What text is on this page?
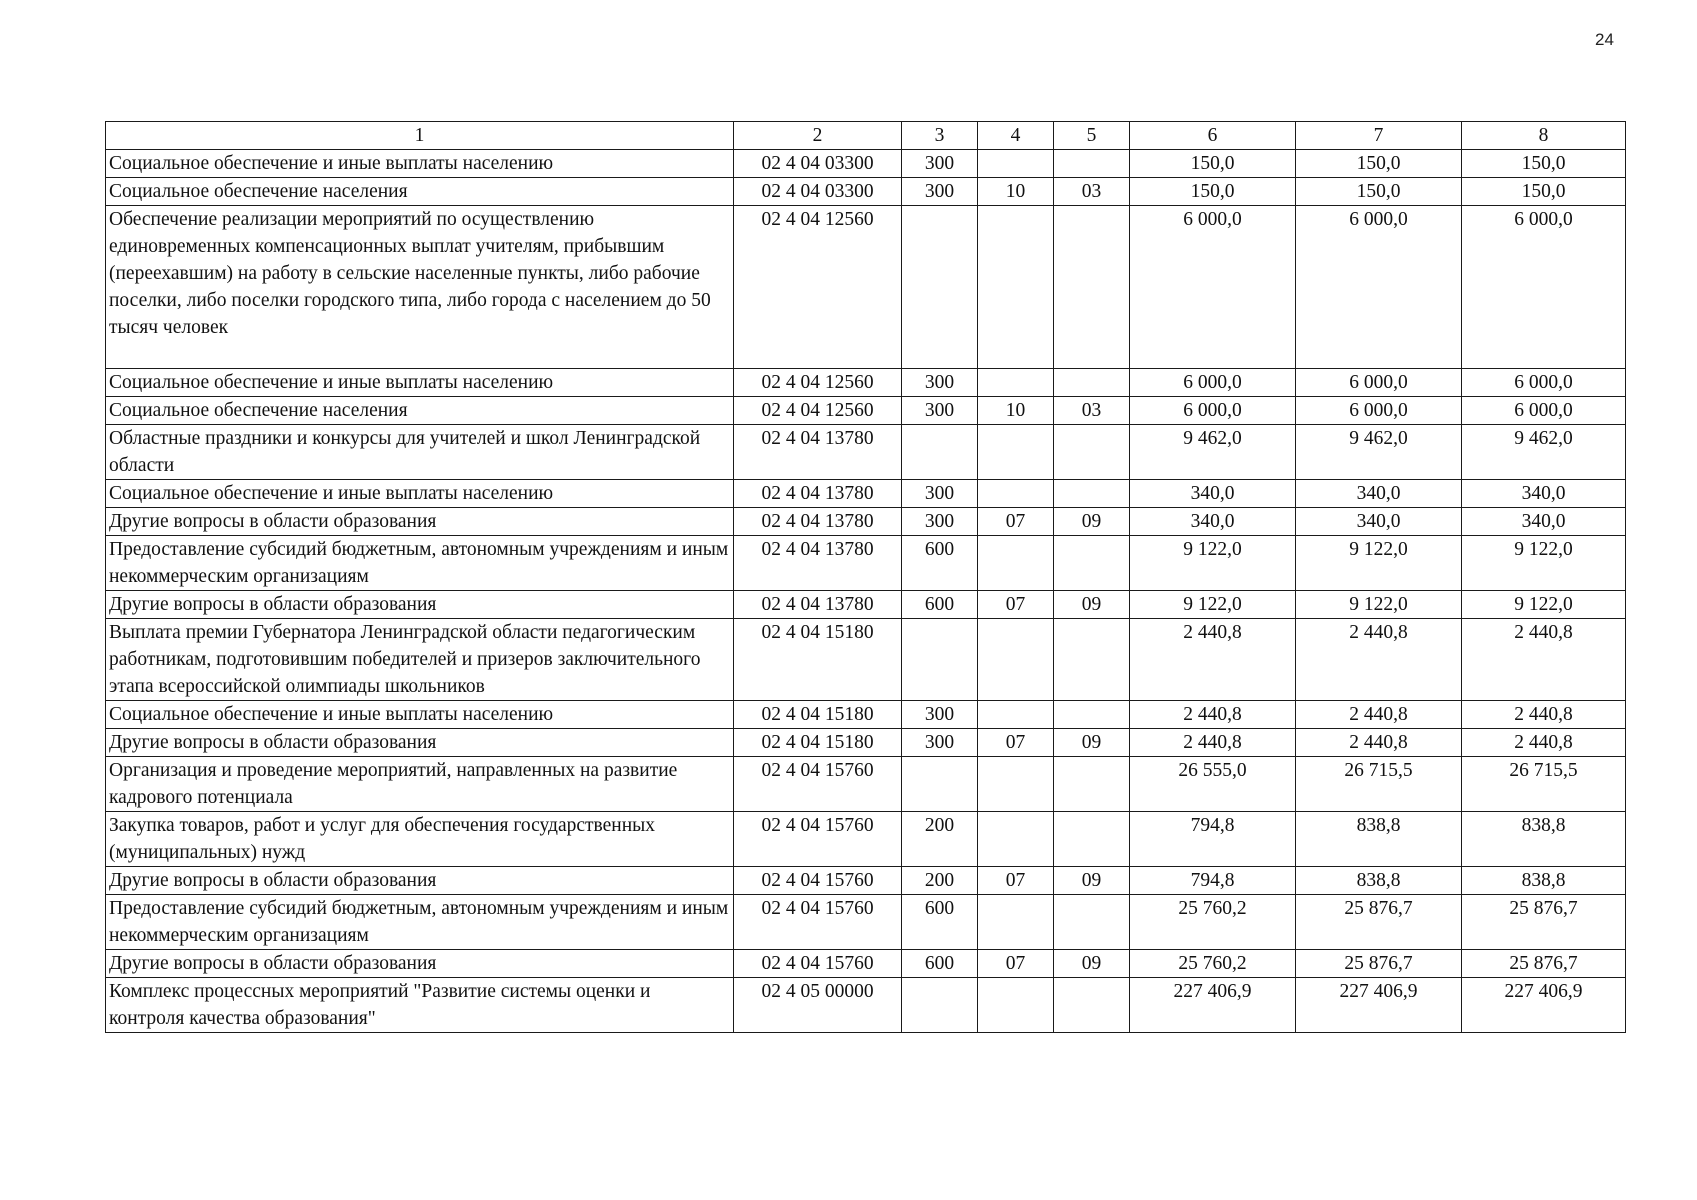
24
1	2	3	4	5	6	7	8
Социальное обеспечение и иные выплаты населению	02 4 04 03300	300			150,0	150,0	150,0
Социальное обеспечение населения	02 4 04 03300	300	10	03	150,0	150,0	150,0
Обеспечение реализации мероприятий по осуществлению единовременных компенсационных выплат учителям, прибывшим (переехавшим) на работу в сельские населенные пункты, либо рабочие поселки, либо поселки городского типа, либо города с населением до 50 тысяч человек	02 4 04 12560				6 000,0	6 000,0	6 000,0
Социальное обеспечение и иные выплаты населению	02 4 04 12560	300			6 000,0	6 000,0	6 000,0
Социальное обеспечение населения	02 4 04 12560	300	10	03	6 000,0	6 000,0	6 000,0
Областные праздники и конкурсы для учителей и школ Ленинградской области	02 4 04 13780				9 462,0	9 462,0	9 462,0
Социальное обеспечение и иные выплаты населению	02 4 04 13780	300			340,0	340,0	340,0
Другие вопросы в области образования	02 4 04 13780	300	07	09	340,0	340,0	340,0
Предоставление субсидий бюджетным, автономным учреждениям и иным некоммерческим организациям	02 4 04 13780	600			9 122,0	9 122,0	9 122,0
Другие вопросы в области образования	02 4 04 13780	600	07	09	9 122,0	9 122,0	9 122,0
Выплата премии Губернатора Ленинградской области педагогическим работникам, подготовившим победителей и призеров заключительного этапа всероссийской олимпиады школьников	02 4 04 15180				2 440,8	2 440,8	2 440,8
Социальное обеспечение и иные выплаты населению	02 4 04 15180	300			2 440,8	2 440,8	2 440,8
Другие вопросы в области образования	02 4 04 15180	300	07	09	2 440,8	2 440,8	2 440,8
Организация и проведение мероприятий, направленных на развитие кадрового потенциала	02 4 04 15760				26 555,0	26 715,5	26 715,5
Закупка товаров, работ и услуг для обеспечения государственных (муниципальных) нужд	02 4 04 15760	200			794,8	838,8	838,8
Другие вопросы в области образования	02 4 04 15760	200	07	09	794,8	838,8	838,8
Предоставление субсидий бюджетным, автономным учреждениям и иным некоммерческим организациям	02 4 04 15760	600			25 760,2	25 876,7	25 876,7
Другие вопросы в области образования	02 4 04 15760	600	07	09	25 760,2	25 876,7	25 876,7
Комплекс процессных мероприятий "Развитие системы оценки и контроля качества образования"	02 4 05 00000				227 406,9	227 406,9	227 406,9
